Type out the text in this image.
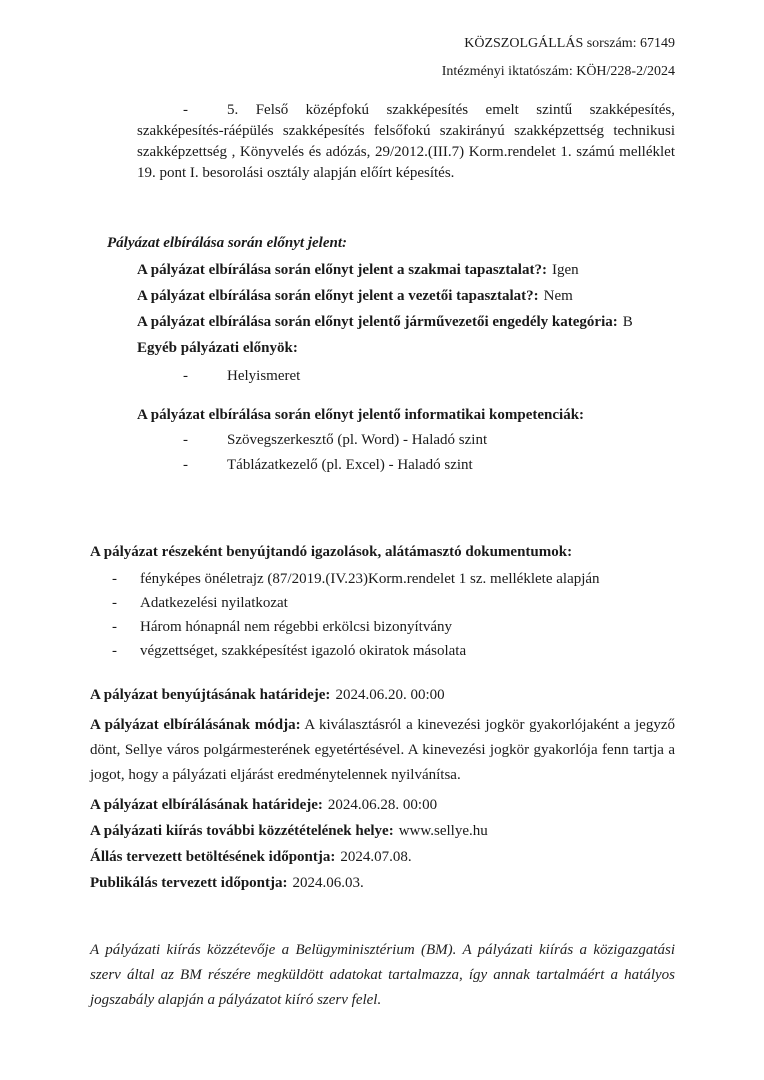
KÖZSZOLGÁLLÁS sorszám: 67149
Intézményi iktatószám: KÖH/228-2/2024

-	5. Felső középfokú szakképesítés emelt szintű szakképesítés, szakképesítés-ráépülés szakképesítés felsőfokú szakirányú szakképzettség technikusi szakképzettség , Könyvelés és adózás, 29/2012.(III.7) Korm.rendelet 1. számú melléklet 19. pont I. besorolási osztály alapján előírt képesítés.

Pályázat elbírálása során előnyt jelent:
A pályázat elbírálása során előnyt jelent a szakmai tapasztalat?: Igen
A pályázat elbírálása során előnyt jelent a vezetői tapasztalat?: Nem
A pályázat elbírálása során előnyt jelentő járművezetői engedély kategória: B
Egyéb pályázati előnyök:
-	Helyismeret
A pályázat elbírálása során előnyt jelentő informatikai kompetenciák:
-	Szövegszerkesztő (pl. Word) - Haladó szint
-	Táblázatkezelő (pl. Excel) - Haladó szint
A pályázat részeként benyújtandó igazolások, alátámasztó dokumentumok:
- fényképes önéletrajz (87/2019.(IV.23)Korm.rendelet 1 sz. melléklete alapján
- Adatkezelési nyilatkozat
- Három hónapnál nem régebbi erkölcsi bizonyítvány
- végzettséget, szakképesítést igazoló okiratok másolata
A pályázat benyújtásának határideje: 2024.06.20. 00:00

A pályázat elbírálásának módja: A kiválasztásról a kinevezési jogkör gyakorlójaként a jegyző dönt, Sellye város polgármesterének egyetértésével. A kinevezési jogkör gyakorlója fenn tartja a jogot, hogy a pályázati eljárást eredménytelennek nyilvánítsa.

A pályázat elbírálásának határideje: 2024.06.28. 00:00
A pályázati kiírás további közzétételének helye: www.sellye.hu
Állás tervezett betöltésének időpontja: 2024.07.08.
Publikálás tervezett időpontja: 2024.06.03.

A pályázati kiírás közzétevője a Belügyminisztérium (BM). A pályázati kiírás a közigazgatási szerv által az BM részére megküldött adatokat tartalmazza, így annak tartalmáért a hatályos jogszabály alapján a pályázatot kiíró szerv felel.
